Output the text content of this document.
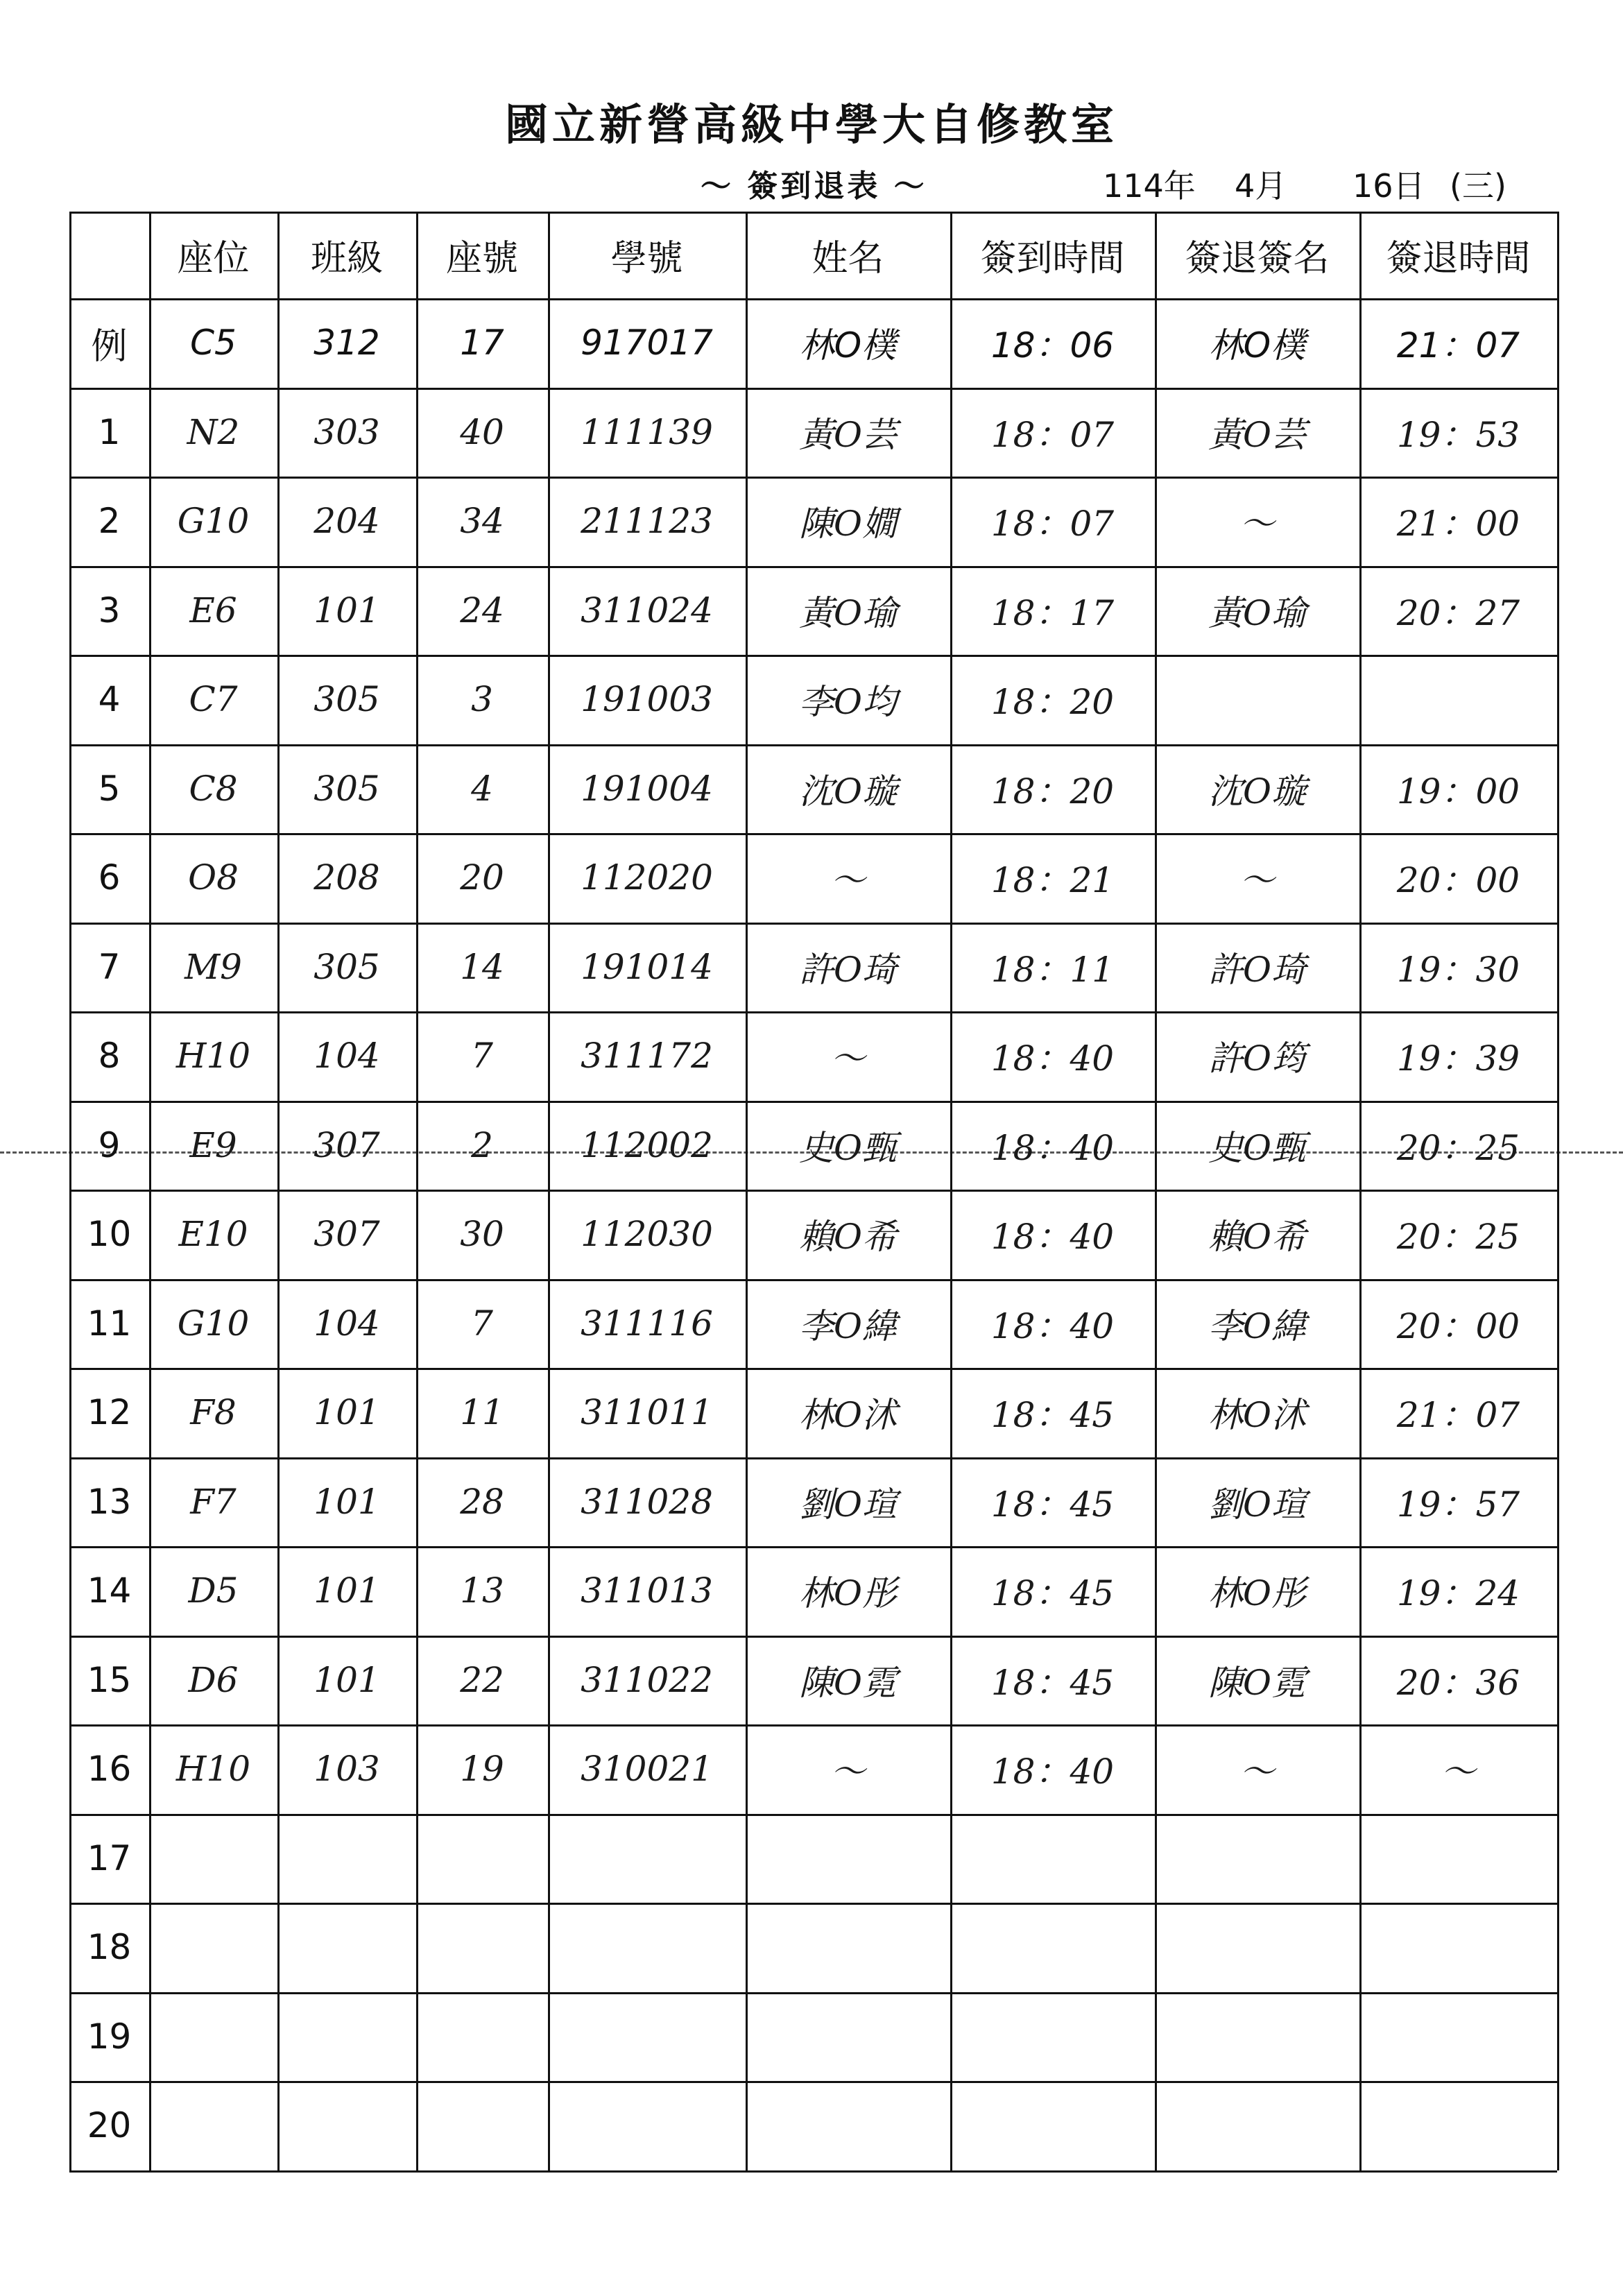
國立新營高級中學大自修教室
～ 簽到退表 ～	114年 4月 16日 (三)
座位	班級	座號	學號	姓名	簽到時間	簽退簽名	簽退時間
例	C5	312	17	917017	林O樸	18：06	林O樸	21：07
1	N2	303	40	111139	黃O芸	18：07	黃O芸	19：53
2	G10	204	34	211123	陳O嫺	18：07	～	21：00
3	E6	101	24	311024	黃O瑜	18：17	黃O瑜	20：27
4	C7	305	3	191003	李O均	18：20
5	C8	305	4	191004	沈O璇	18：20	沈O璇	19：00
6	O8	208	20	112020	～	18：21	～	20：00
7	M9	305	14	191014	許O琦	18：11	許O琦	19：30
8	H10	104	7	311172	～	18：40	許O筠	19：39
9	E9	307	2	112002	史O甄	18：40	史O甄	20：25
10	E10	307	30	112030	賴O希	18：40	賴O希	20：25
11	G10	104	7	311116	李O緯	18：40	李O緯	20：00
12	F8	101	11	311011	林O沭	18：45	林O沭	21：07
13	F7	101	28	311028	劉O瑄	18：45	劉O瑄	19：57
14	D5	101	13	311013	林O彤	18：45	林O彤	19：24
15	D6	101	22	311022	陳O霓	18：45	陳O霓	20：36
16	H10	103	19	310021	～	18：40	～	～
17
18
19
20
